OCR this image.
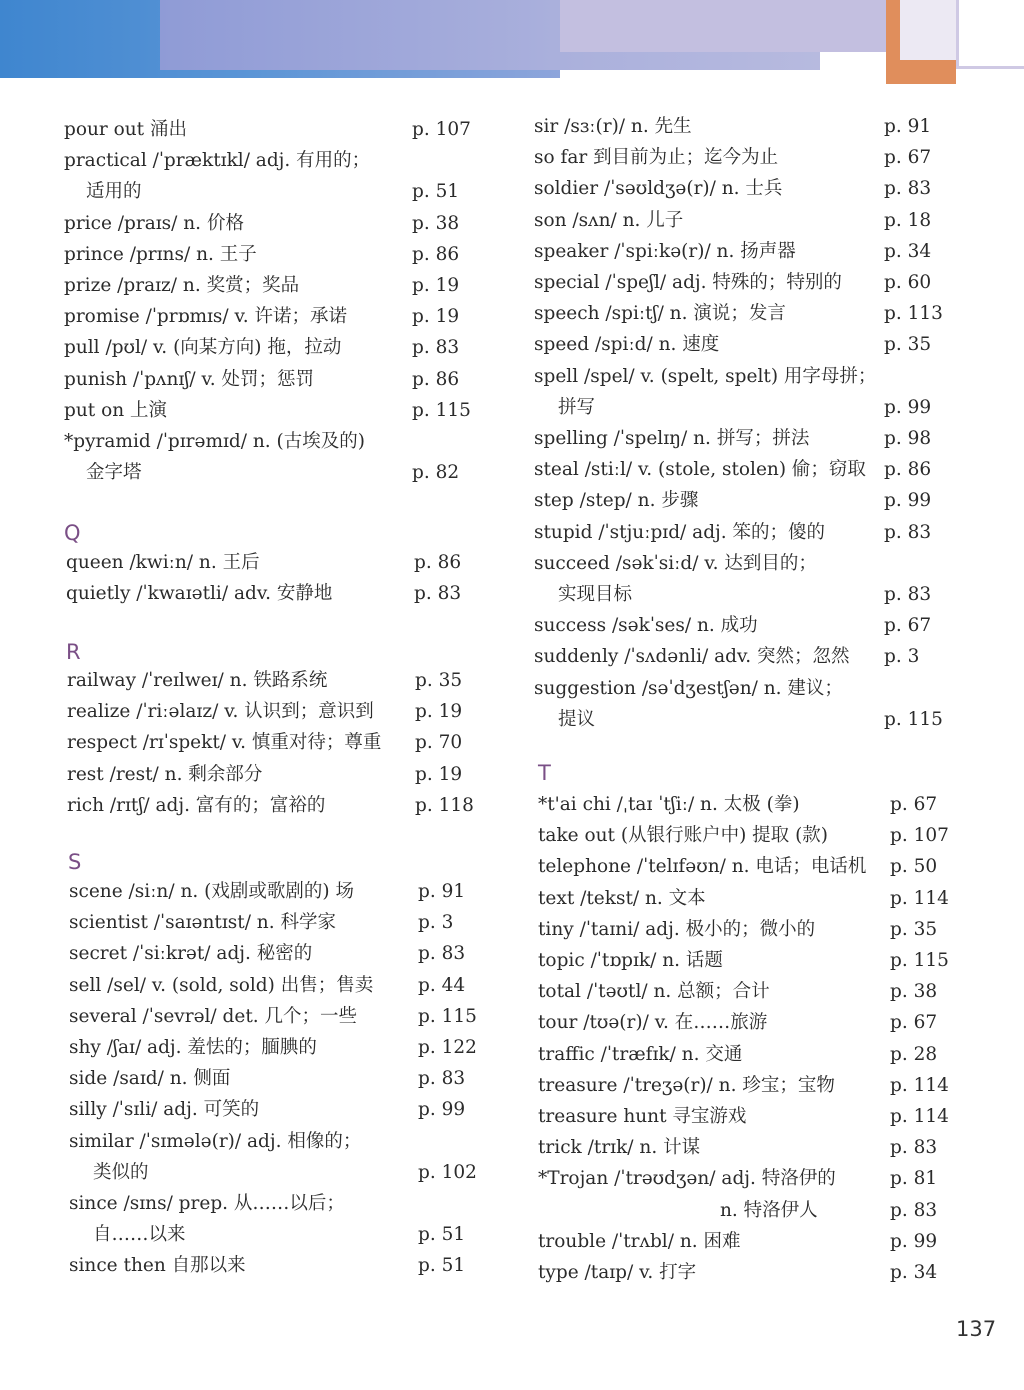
pour out 涌出	p. 107
practical /ˈpræktɪkl/ adj. 有用的；
适用的	p. 51
price /praɪs/ n. 价格	p. 38
prince /prɪns/ n. 王子	p. 86
prize /praɪz/ n. 奖赏；奖品	p. 19
promise /ˈprɒmɪs/ v. 许诺；承诺	p. 19
pull /pʊl/ v. (向某方向) 拖，拉动	p. 83
punish /ˈpʌnɪʃ/ v. 处罚；惩罚	p. 86
put on 上演	p. 115
*pyramid /ˈpɪrəmɪd/ n. (古埃及的)
金字塔	p. 82
Q
queen /kwiːn/ n. 王后	p. 86
quietly /ˈkwaɪətli/ adv. 安静地	p. 83
R
railway /ˈreɪlweɪ/ n. 铁路系统	p. 35
realize /ˈriːəlaɪz/ v. 认识到；意识到 p. 19
respect /rɪˈspekt/ v. 慎重对待；尊重 p. 70
rest /rest/ n. 剩余部分	p. 19
rich /rɪtʃ/ adj. 富有的；富裕的	p. 118
S
scene /siːn/ n. (戏剧或歌剧的) 场	p. 91
scientist /ˈsaɪəntɪst/ n. 科学家	p. 3
secret /ˈsiːkrət/ adj. 秘密的	p. 83
sell /sel/ v. (sold, sold) 出售；售卖 p. 44
several /ˈsevrəl/ det. 几个；一些	p. 115
shy /ʃaɪ/ adj. 羞怯的；腼腆的	p. 122
side /saɪd/ n. 侧面	p. 83
silly /ˈsɪli/ adj. 可笑的	p. 99
similar /ˈsɪmələ(r)/ adj. 相像的；
类似的	p. 102
since /sɪns/ prep. 从……以后；
自……以来	p. 51
since then 自那以来	p. 51
sir /sɜː(r)/ n. 先生	p. 91
so far 到目前为止；迄今为止	p. 67
soldier /ˈsəʊldʒə(r)/ n. 士兵	p. 83
son /sʌn/ n. 儿子	p. 18
speaker /ˈspiːkə(r)/ n. 扬声器	p. 34
special /ˈspeʃl/ adj. 特殊的；特别的 p. 60
speech /spiːtʃ/ n. 演说；发言	p. 113
speed /spiːd/ n. 速度	p. 35
spell /spel/ v. (spelt, spelt) 用字母拼；
拼写	p. 99
spelling /ˈspelɪŋ/ n. 拼写；拼法	p. 98
steal /stiːl/ v. (stole, stolen) 偷；窃取 p. 86
step /step/ n. 步骤	p. 99
stupid /ˈstjuːpɪd/ adj. 笨的；傻的	p. 83
succeed /səkˈsiːd/ v. 达到目的；
实现目标	p. 83
success /səkˈses/ n. 成功	p. 67
suddenly /ˈsʌdənli/ adv. 突然；忽然 p. 3
suggestion /səˈdʒestʃən/ n. 建议；
提议	p. 115
T
*t'ai chi /ˌtaɪ ˈtʃiː/ n. 太极 (拳)	p. 67
take out (从银行账户中) 提取 (款)	p. 107
telephone /ˈtelɪfəʊn/ n. 电话；电话机 p. 50
text /tekst/ n. 文本	p. 114
tiny /ˈtaɪni/ adj. 极小的；微小的	p. 35
topic /ˈtɒpɪk/ n. 话题	p. 115
total /ˈtəʊtl/ n. 总额；合计	p. 38
tour /tʊə(r)/ v. 在……旅游	p. 67
traffic /ˈtræfɪk/ n. 交通	p. 28
treasure /ˈtreʒə(r)/ n. 珍宝；宝物	p. 114
treasure hunt 寻宝游戏	p. 114
trick /trɪk/ n. 计谋	p. 83
*Trojan /ˈtrəʊdʒən/ adj. 特洛伊的	p. 81
n. 特洛伊人	p. 83
trouble /ˈtrʌbl/ n. 困难	p. 99
type /taɪp/ v. 打字	p. 34
137
